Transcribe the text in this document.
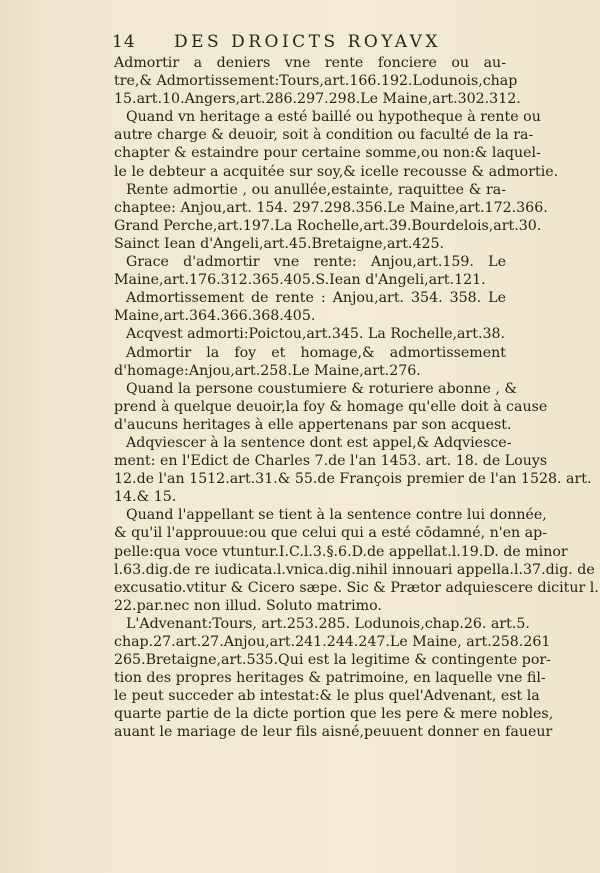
14 DES DROICTS ROYAVX
Admortir a deniers vne rente fonciere ou au-
tre,& Admortissement:Tours,art.166.192.Lodunois,chap
15.art.10.Angers,art.286.297.298.Le Maine,art.302.312.
Quand vn heritage a esté baillé ou hypotheque à rente ou
autre charge & deuoir, soit à condition ou faculté de la ra-
chapter & estaindre pour certaine somme,ou non:& laquel-
le le debteur a acquitée sur soy,& icelle recousse & admortie.
Rente admortie , ou anullée,estainte, raquittee & ra-
chaptee: Anjou,art. 154. 297.298.356.Le Maine,art.172.366.
Grand Perche,art.197.La Rochelle,art.39.Bourdelois,art.30.
Sainct Iean d'Angeli,art.45.Bretaigne,art.425.
Grace d'admortir vne rente: Anjou,art.159. Le
Maine,art.176.312.365.405.S.Iean d'Angeli,art.121.
Admortissement de rente : Anjou,art. 354. 358. Le
Maine,art.364.366.368.405.
Acqvest admorti:Poictou,art.345. La Rochelle,art.38.
Admortir la foy et homage,& admortissement
d'homage:Anjou,art.258.Le Maine,art.276.
Quand la persone coustumiere & roturiere abonne , &
prend à quelque deuoir,la foy & homage qu'elle doit à cause
d'aucuns heritages à elle appertenans par son acquest.
Adqviescer à la sentence dont est appel,& Adqviesce-
ment: en l'Edict de Charles 7.de l'an 1453. art. 18. de Louys
12.de l'an 1512.art.31.& 55.de François premier de l'an 1528. art.
14.& 15.
Quand l'appellant se tient à la sentence contre lui donnée,
& qu'il l'approuue:ou que celui qui a esté cōdamné, n'en ap-
pelle:qua voce vtuntur.I.C.l.3.§.6.D.de appellat.l.19.D. de minor
l.63.dig.de re iudicata.l.vnica.dig.nihil innouari appella.l.37.dig. de
excusatio.vtitur & Cicero sæpe. Sic & Prætor adquiescere dicitur l.
22.par.nec non illud. Soluto matrimo.
L'Advenant:Tours, art.253.285. Lodunois,chap.26. art.5.
chap.27.art.27.Anjou,art.241.244.247.Le Maine, art.258.261
265.Bretaigne,art.535.Qui est la legitime & contingente por-
tion des propres heritages & patrimoine, en laquelle vne fil-
le peut succeder ab intestat:& le plus quel'Advenant, est la
quarte partie de la dicte portion que les pere & mere nobles,
auant le mariage de leur fils aisné,peuuent donner en faueur
